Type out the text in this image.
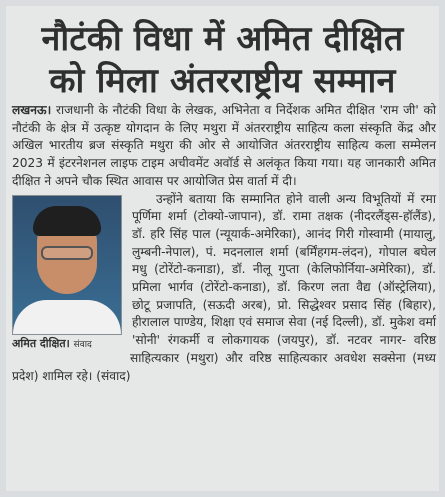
नौटंकी विधा में अमित दीक्षित
को मिला अंतरराष्ट्रीय सम्मान

लखनऊ। राजधानी के नौटंकी विधा के लेखक, अभिनेता व निर्देशक अमित दीक्षित 'राम जी' को नौटंकी के क्षेत्र में उत्कृष्ट योगदान के लिए मथुरा में अंतरराष्ट्रीय साहित्य कला संस्कृति केंद्र और अखिल भारतीय ब्रज संस्कृति मथुरा की ओर से आयोजित अंतरराष्ट्रीय साहित्य कला सम्मेलन 2023 में इंटरनेशनल लाइफ टाइम अचीवमेंट अवॉर्ड से अलंकृत किया गया। यह जानकारी अमित दीक्षित ने अपने चौक स्थित आवास पर आयोजित प्रेस वार्ता में दी।

अमित दीक्षित। संवाद

उन्होंने बताया कि सम्मानित होने वाली अन्य विभूतियों में रमा पूर्णिमा शर्मा (टोक्यो-जापान), डॉ. रामा तक्षक (नीदरलैंड्स-हॉलैंड), डॉ. हरि सिंह पाल (न्यूयार्क-अमेरिका), आनंद गिरी गोस्वामी (मायालु, लुम्बनी-नेपाल), पं. मदनलाल शर्मा (बर्मिंहगम-लंदन), गोपाल बघेल मधु (टोरेंटो-कनाडा), डॉ. नीलू गुप्ता (केलिफोर्निया-अमेरिका), डॉ. प्रमिला भार्गव (टोरेंटो-कनाडा), डॉ. किरण लता वैद्य (ऑस्ट्रेलिया), छोटू प्रजापति, (सऊदी अरब), प्रो. सिद्धेश्वर प्रसाद सिंह (बिहार), हीरालाल पाण्डेय, शिक्षा एवं समाज सेवा (नई दिल्ली), डॉ. मुकेश वर्मा 'सोनी' रंगकर्मी व लोकगायक (जयपुर), डॉ. नटवर नागर- वरिष्ठ साहित्यकार (मथुरा) और वरिष्ठ साहित्यकार अवधेश सक्सेना (मध्य प्रदेश) शामिल रहे। (संवाद)
